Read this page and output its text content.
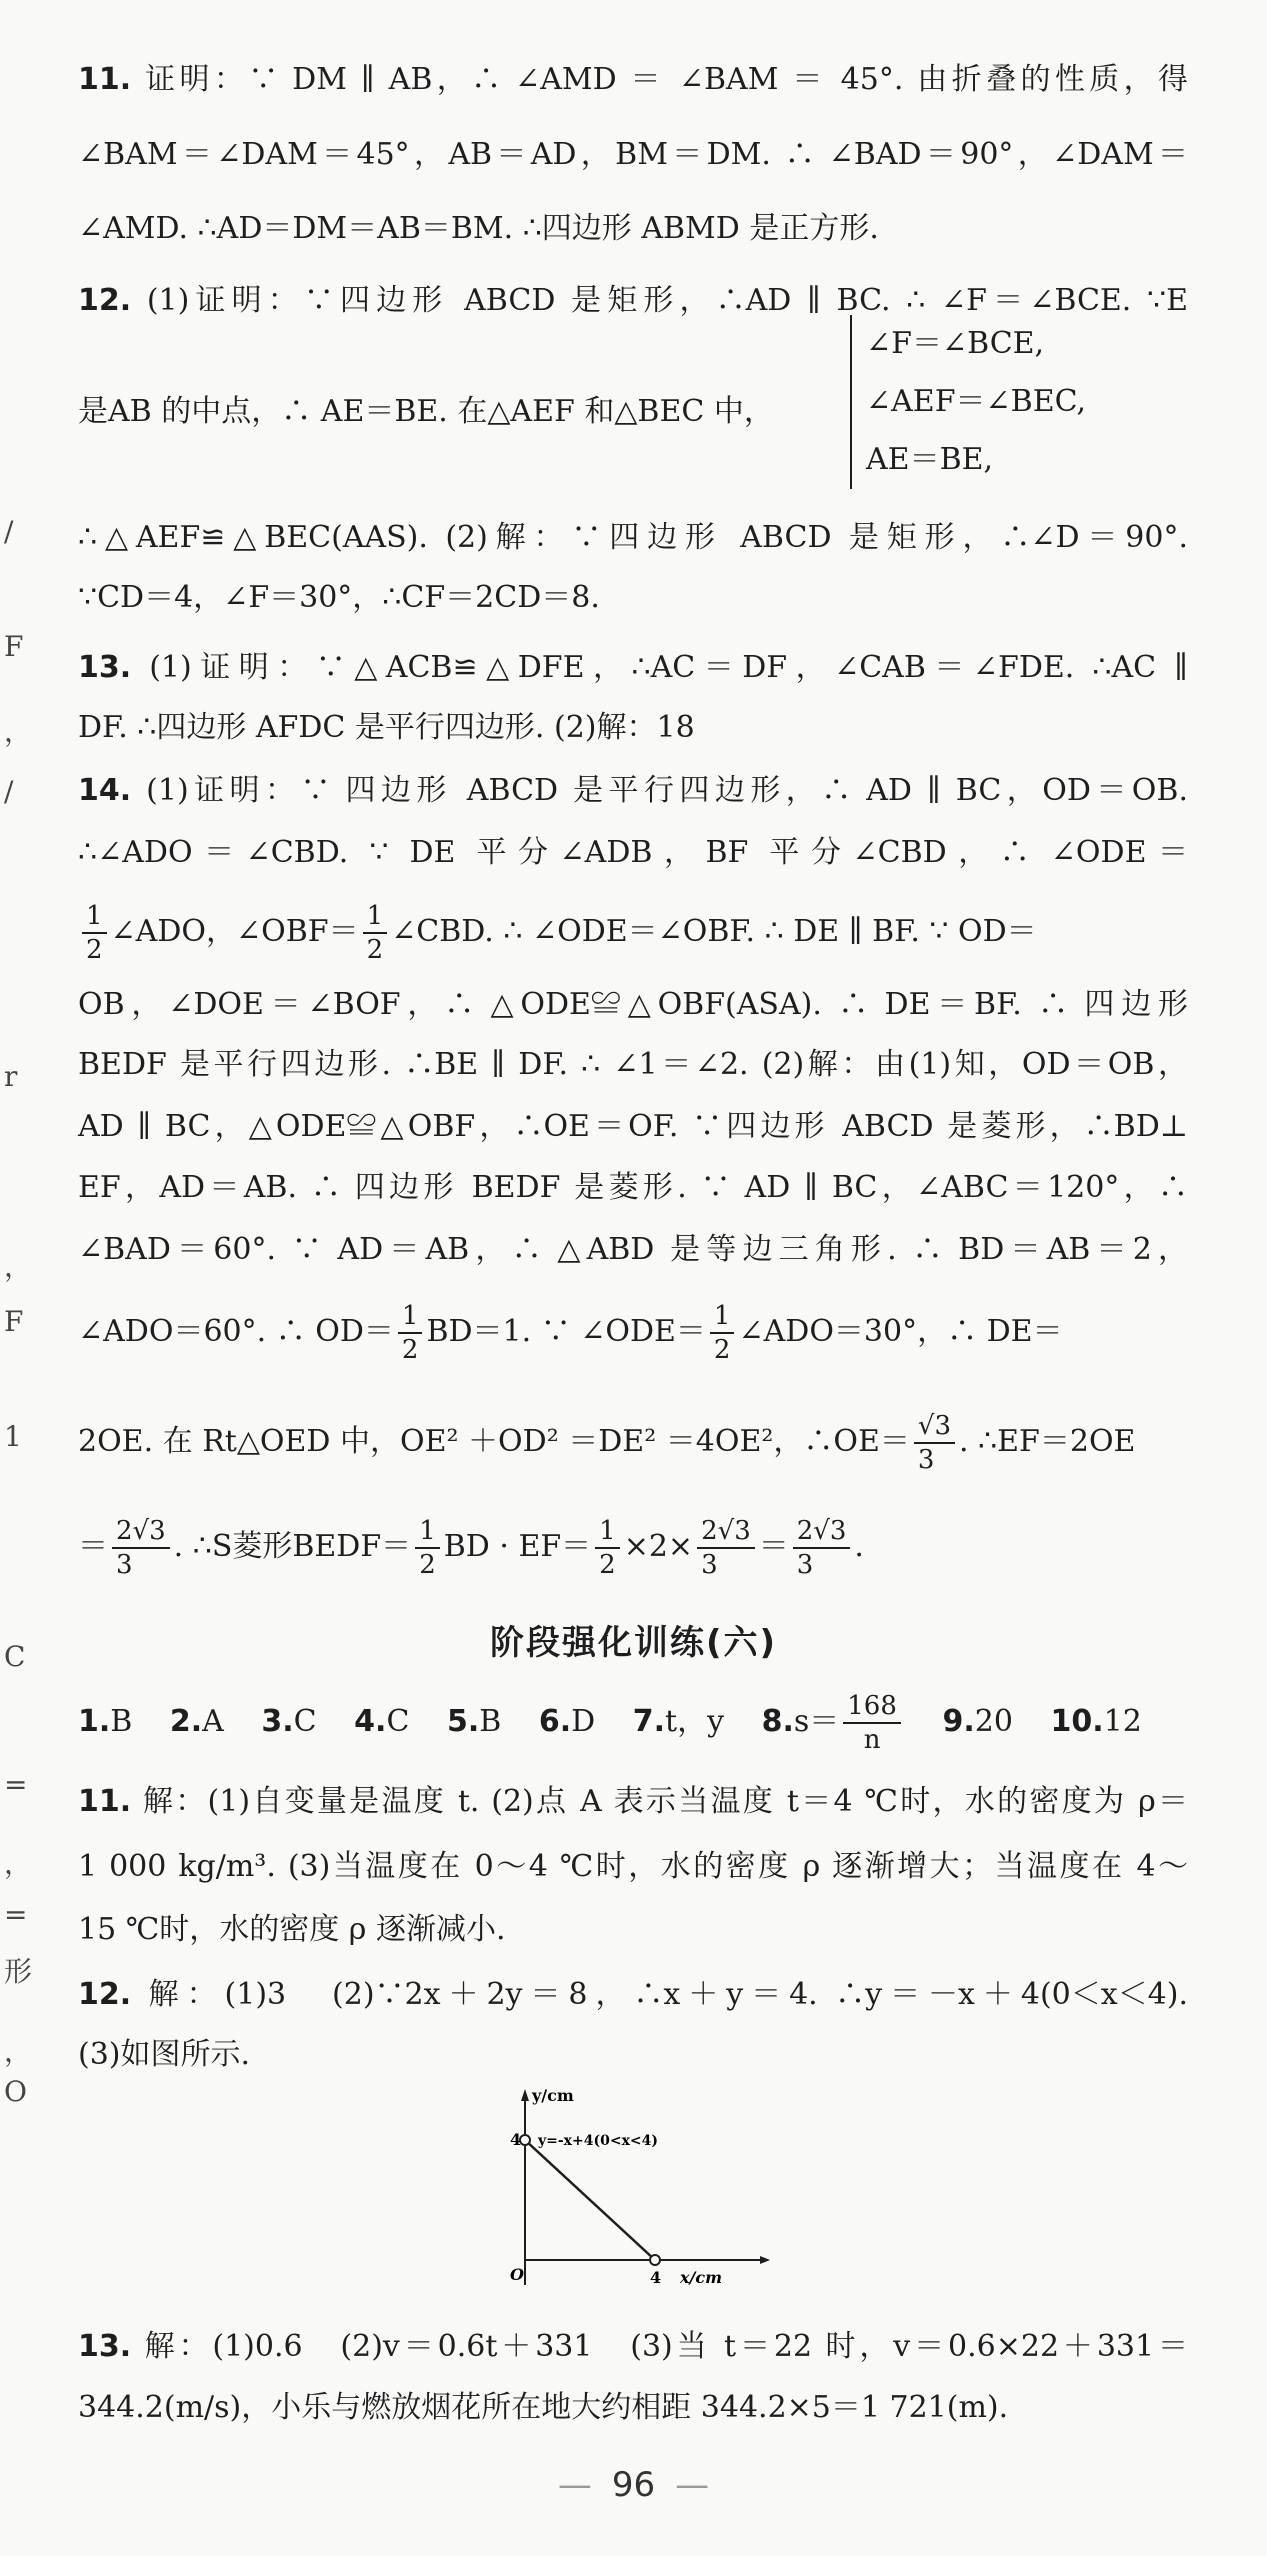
11. 证明：∵ DM ∥ AB，∴ ∠AMD ＝ ∠BAM ＝ 45°. 由折叠的性质，得
∠BAM＝∠DAM＝45°，AB＝AD，BM＝DM. ∴ ∠BAD＝90°，∠DAM＝
∠AMD. ∴AD＝DM＝AB＝BM. ∴四边形 ABMD 是正方形.
12. (1)证明：∵四边形 ABCD 是矩形，∴AD ∥ BC. ∴ ∠F＝∠BCE. ∵E
是AB 的中点，∴ AE＝BE. 在△AEF 和△BEC 中，
∠F＝∠BCE,
∠AEF＝∠BEC,
AE＝BE,
∴△AEF≌△BEC(AAS). (2)解：∵四边形 ABCD 是矩形，∴∠D＝90°.
∵CD＝4，∠F＝30°，∴CF＝2CD＝8.
13. (1)证明：∵△ACB≌△DFE，∴AC＝DF，∠CAB＝∠FDE. ∴AC ∥
DF. ∴四边形 AFDC 是平行四边形. (2)解：18
14. (1)证明：∵ 四边形 ABCD 是平行四边形，∴ AD ∥ BC，OD＝OB.
∴∠ADO＝∠CBD. ∵ DE 平分∠ADB，BF 平分∠CBD，∴ ∠ODE＝
$\frac{1}{2}$ ∠ADO，∠OBF＝ $\frac{1}{2}$ ∠CBD. ∴ ∠ODE＝∠OBF. ∴ DE ∥ BF. ∵ OD＝
OB，∠DOE＝∠BOF，∴ △ODE≌△OBF(ASA). ∴ DE＝BF. ∴ 四边形
BEDF 是平行四边形. ∴BE ∥ DF. ∴ ∠1＝∠2. (2)解：由(1)知，OD＝OB，
AD ∥ BC，△ODE≌△OBF，∴OE＝OF. ∵四边形 ABCD 是菱形，∴BD⊥
EF，AD＝AB. ∴ 四边形 BEDF 是菱形. ∵ AD ∥ BC，∠ABC＝120°，∴
∠BAD＝60°. ∵ AD＝AB，∴ △ABD 是等边三角形. ∴ BD＝AB＝2，
∠ADO＝60°. ∴ $OD= \frac{1}{2} BD=1$. ∵ ∠ODE＝ $\frac{1}{2}$ ∠ADO＝30°，∴ DE＝
2OE. 在 Rt△OED 中，OE² ＋OD² ＝DE² ＝4OE²，∴OE＝ $\frac{√3}{3}$ . ∴EF＝2OE
＝ $\frac{2√3}{3}$ . ∴S菱形BEDF＝ $\frac{1}{2}$ BD · $EF= \frac{1}{2} \times 2\times \frac{2√3}{3} = \frac{2√3}{3}$ .
阶段强化训练(六)
1.B 2.A 3.C 4.C 5.B 6.D 7.t，y $8.s= \frac{168}{n} 9.20$ 10.12
11. 解：(1)自变量是温度 t. (2)点 A 表示当温度 t＝4 ℃时，水的密度为 ρ＝
1 000 kg/m³. (3)当温度在 0～4 ℃时，水的密度 ρ 逐渐增大；当温度在 4～
15 ℃时，水的密度 ρ 逐渐减小.
12. 解：(1)3　(2)∵2x＋2y＝8，∴x＋y＝4. ∴y＝－x＋4(0＜x＜4).
(3)如图所示.
y/cm
4 y=-x+4(0<x<4)
O	4 x/cm
13. 解：(1)0.6　(2)v＝0.6t＋331　(3)当 t＝22 时，v＝0.6×22＋331＝
344.2(m/s)，小乐与燃放烟花所在地大约相距 344.2×5＝1 721(m).
— 96 —
/
F
，
/
r
，
F
1
C
=
，
=
形
，
O
